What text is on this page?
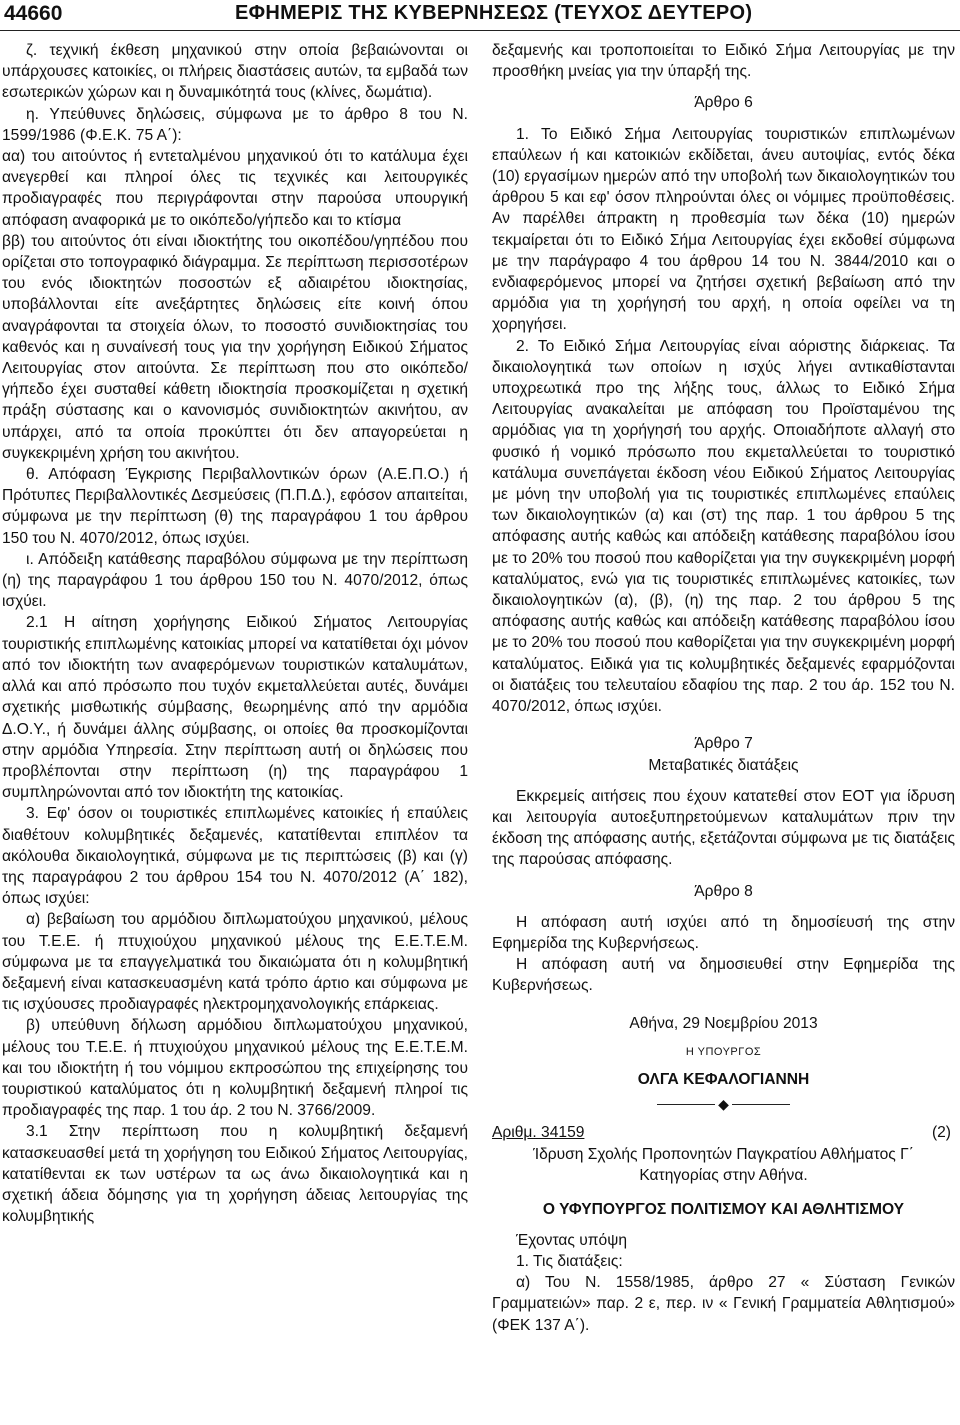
44660	ΕΦΗΜΕΡΙΣ ΤΗΣ ΚΥΒΕΡΝΗΣΕΩΣ (ΤΕΥΧΟΣ ΔΕΥΤΕΡΟ)

ζ. τεχνική έκθεση μηχανικού στην οποία βεβαιώνονται οι υπάρχουσες κατοικίες, οι πλήρεις διαστάσεις αυτών, τα εμβαδά των εσωτερικών χώρων και η δυναμικότητά τους (κλίνες, δωμάτια).

η. Υπεύθυνες δηλώσεις, σύμφωνα με το άρθρο 8 του Ν. 1599/1986 (Φ.Ε.Κ. 75 Α΄):

αα) του αιτούντος ή εντεταλμένου μηχανικού ότι το κατάλυμα έχει ανεγερθεί και πληροί όλες τις τεχνικές και λειτουργικές προδιαγραφές που περιγράφονται στην παρούσα υπουργική απόφαση αναφορικά με το οικόπεδο/γήπεδο και το κτίσμα

ββ) του αιτούντος ότι είναι ιδιοκτήτης του οικοπέδου/γηπέδου που ορίζεται στο τοπογραφικό διάγραμμα. Σε περίπτωση περισσοτέρων του ενός ιδιοκτητών ποσοστών εξ αδιαιρέτου ιδιοκτησίας, υποβάλλονται είτε ανεξάρτητες δηλώσεις είτε κοινή όπου αναγράφονται τα στοιχεία όλων, το ποσοστό συνιδιοκτησίας του καθενός και η συναίνεσή τους για την χορήγηση Ειδικού Σήματος Λειτουργίας στον αιτούντα. Σε περίπτωση που στο οικόπεδο/γήπεδο έχει συσταθεί κάθετη ιδιοκτησία προσκομίζεται η σχετική πράξη σύστασης και ο κανονισμός συνιδιοκτητών ακινήτου, αν υπάρχει, από τα οποία προκύπτει ότι δεν απαγορεύεται η συγκεκριμένη χρήση του ακινήτου.

θ. Απόφαση Έγκρισης Περιβαλλοντικών όρων (Α.Ε.Π.Ο.) ή Πρότυπες Περιβαλλοντικές Δεσμεύσεις (Π.Π.Δ.), εφόσον απαιτείται, σύμφωνα με την περίπτωση (θ) της παραγράφου 1 του άρθρου 150 του Ν. 4070/2012, όπως ισχύει.

ι. Απόδειξη κατάθεσης παραβόλου σύμφωνα με την περίπτωση (η) της παραγράφου 1 του άρθρου 150 του Ν. 4070/2012, όπως ισχύει.

2.1 Η αίτηση χορήγησης Ειδικού Σήματος Λειτουργίας τουριστικής επιπλωμένης κατοικίας μπορεί να κατατίθεται όχι μόνον από τον ιδιοκτήτη των αναφερόμενων τουριστικών καταλυμάτων, αλλά και από πρόσωπο που τυχόν εκμεταλλεύεται αυτές, δυνάμει σχετικής μισθωτικής σύμβασης, θεωρημένης από την αρμόδια Δ.Ο.Υ., ή δυνάμει άλλης σύμβασης, οι οποίες θα προσκομίζονται στην αρμόδια Υπηρεσία. Στην περίπτωση αυτή οι δηλώσεις που προβλέπονται στην περίπτωση (η) της παραγράφου 1 συμπληρώνονται από τον ιδιοκτήτη της κατοικίας.

3. Εφ' όσον οι τουριστικές επιπλωμένες κατοικίες ή επαύλεις διαθέτουν κολυμβητικές δεξαμενές, κατατίθενται επιπλέον τα ακόλουθα δικαιολογητικά, σύμφωνα με τις περιπτώσεις (β) και (γ) της παραγράφου 2 του άρθρου 154 του Ν. 4070/2012 (Α΄ 182), όπως ισχύει:

α) βεβαίωση του αρμόδιου διπλωματούχου μηχανικού, μέλους του Τ.Ε.Ε. ή πτυχιούχου μηχανικού μέλους της Ε.Ε.Τ.Ε.Μ. σύμφωνα με τα επαγγελματικά του δικαιώματα ότι η κολυμβητική δεξαμενή είναι κατασκευασμένη κατά τρόπο άρτιο και σύμφωνα με τις ισχύουσες προδιαγραφές ηλεκτρομηχανολογικής επάρκειας.

β) υπεύθυνη δήλωση αρμόδιου διπλωματούχου μηχανικού, μέλους του Τ.Ε.Ε. ή πτυχιούχου μηχανικού μέλους της Ε.Ε.Τ.Ε.Μ. και του ιδιοκτήτη ή του νόμιμου εκπροσώπου της επιχείρησης του τουριστικού καταλύματος ότι η κολυμβητική δεξαμενή πληροί τις προδιαγραφές της παρ. 1 του άρ. 2 του Ν. 3766/2009.

3.1 Στην περίπτωση που η κολυμβητική δεξαμενή κατασκευασθεί μετά τη χορήγηση του Ειδικού Σήματος Λειτουργίας, κατατίθενται εκ των υστέρων τα ως άνω δικαιολογητικά και η σχετική άδεια δόμησης για τη χορήγηση άδειας λειτουργίας της κολυμβητικής

δεξαμενής και τροποποιείται το Ειδικό Σήμα Λειτουργίας με την προσθήκη μνείας για την ύπαρξή της.

Άρθρο 6

1. Το Ειδικό Σήμα Λειτουργίας τουριστικών επιπλωμένων επαύλεων ή και κατοικιών εκδίδεται, άνευ αυτοψίας, εντός δέκα (10) εργασίμων ημερών από την υποβολή των δικαιολογητικών του άρθρου 5 και εφ' όσον πληρούνται όλες οι νόμιμες προϋποθέσεις. Αν παρέλθει άπρακτη η προθεσμία των δέκα (10) ημερών τεκμαίρεται ότι το Ειδικό Σήμα Λειτουργίας έχει εκδοθεί σύμφωνα με την παράγραφο 4 του άρθρου 14 του Ν. 3844/2010 και ο ενδιαφερόμενος μπορεί να ζητήσει σχετική βεβαίωση από την αρμόδια για τη χορήγησή του αρχή, η οποία οφείλει να τη χορηγήσει.

2. Το Ειδικό Σήμα Λειτουργίας είναι αόριστης διάρκειας. Τα δικαιολογητικά των οποίων η ισχύς λήγει αντικαθίστανται υποχρεωτικά προ της λήξης τους, άλλως το Ειδικό Σήμα Λειτουργίας ανακαλείται με απόφαση του Προϊσταμένου της αρμόδιας για τη χορήγησή του αρχής. Οποιαδήποτε αλλαγή στο φυσικό ή νομικό πρόσωπο που εκμεταλλεύεται το τουριστικό κατάλυμα συνεπάγεται έκδοση νέου Ειδικού Σήματος Λειτουργίας με μόνη την υποβολή για τις τουριστικές επιπλωμένες επαύλεις των δικαιολογητικών (α) και (στ) της παρ. 1 του άρθρου 5 της απόφασης αυτής καθώς και απόδειξη κατάθεσης παραβόλου ίσου με το 20% του ποσού που καθορίζεται για την συγκεκριμένη μορφή καταλύματος, ενώ για τις τουριστικές επιπλωμένες κατοικίες, των δικαιολογητικών (α), (β), (η) της παρ. 2 του άρθρου 5 της απόφασης αυτής καθώς και απόδειξη κατάθεσης παραβόλου ίσου με το 20% του ποσού που καθορίζεται για την συγκεκριμένη μορφή καταλύματος. Ειδικά για τις κολυμβητικές δεξαμενές εφαρμόζονται οι διατάξεις του τελευταίου εδαφίου της παρ. 2 του άρ. 152 του Ν. 4070/2012, όπως ισχύει.

Άρθρο 7

Μεταβατικές διατάξεις

Εκκρεμείς αιτήσεις που έχουν κατατεθεί στον ΕΟΤ για ίδρυση και λειτουργία αυτοεξυπηρετούμενων καταλυμάτων πριν την έκδοση της απόφασης αυτής, εξετάζονται σύμφωνα με τις διατάξεις της παρούσας απόφασης.

Άρθρο 8

Η απόφαση αυτή ισχύει από τη δημοσίευσή της στην Εφημερίδα της Κυβερνήσεως.

Η απόφαση αυτή να δημοσιευθεί στην Εφημερίδα της Κυβερνήσεως.

Αθήνα, 29 Νοεμβρίου 2013

Η ΥΠΟΥΡΓΟΣ

ΟΛΓΑ ΚΕΦΑΛΟΓΙΑΝΝΗ

◆

Αριθμ. 34159	(2)

Ίδρυση Σχολής Προπονητών Παγκρατίου Αθλήματος Γ΄ Κατηγορίας στην Αθήνα.

Ο ΥΦΥΠΟΥΡΓΟΣ ΠΟΛΙΤΙΣΜΟΥ ΚΑΙ ΑΘΛΗΤΙΣΜΟΥ

Έχοντας υπόψη

1. Τις διατάξεις:

α) Του Ν. 1558/1985, άρθρο 27 « Σύσταση Γενικών Γραμματειών» παρ. 2 ε, περ. ιν « Γενική Γραμματεία Αθλητισμού» (ΦΕΚ 137 Α΄).
